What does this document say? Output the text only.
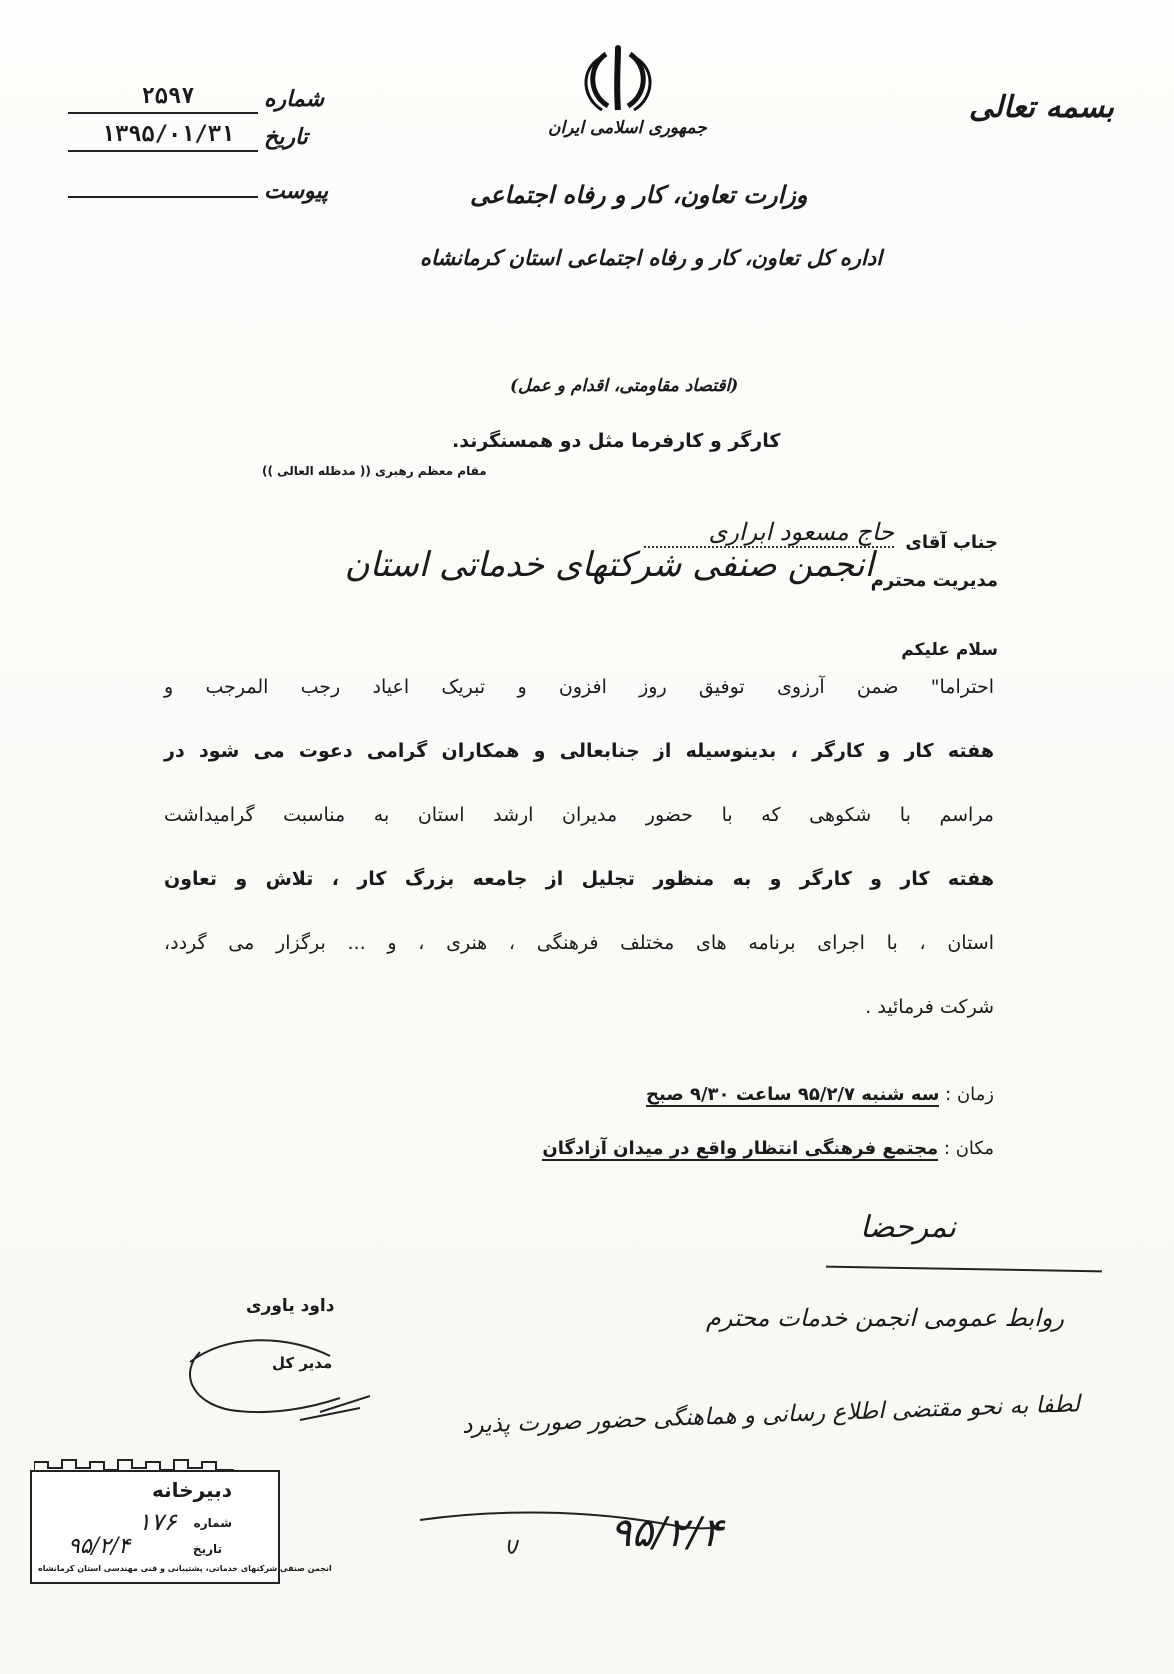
بسمه تعالی
جمهوری اسلامی ایران
وزارت تعاون، کار و رفاه اجتماعی
اداره کل تعاون، کار و رفاه اجتماعی استان کرمانشاه
۲۵۹۷	شماره
۱۳۹۵/۰۱/۳۱	تاریخ
پیوست
(اقتصاد مقاومتی، اقدام و عمل)
کارگر و کارفرما مثل دو همسنگرند.
مقام معظم رهبری (( مدظله العالی ))
جناب آقای
حاج مسعود ابراری
مدیریت محترم
انجمن صنفی شرکتهای خدماتی استان
سلام علیکم
احتراما" ضمن آرزوی توفیق روز افزون و تبریک اعیاد رجب المرجب و
هفته کار و کارگر ، بدینوسیله از جنابعالی و همکاران گرامی دعوت می شود در
مراسم با شکوهی که با حضور مدیران ارشد استان به مناسبت گرامیداشت
هفته کار و کارگر و به منظور تجلیل از جامعه بزرگ کار ، تلاش و تعاون
استان ، با اجرای برنامه های مختلف فرهنگی ، هنری ، و ... برگزار می گردد،
شرکت فرمائید .
زمان : سه شنبه ۹۵/۲/۷ ساعت ۹/۳۰ صبح
مکان : مجتمع فرهنگی انتظار واقع در میدان آزادگان
نمرحضا
روابط عمومی انجمن خدمات محترم
لطفا به نحو مقتضی اطلاع رسانی و هماهنگی حضور صورت پذیرد
۹۵/۲/۴
داود یاوری
مدیر کل
دبیرخانه
شماره
۱۷۶
تاریخ
۹۵/۲/۴
انجمن صنفی شرکتهای خدماتی، پشتیبانی و فنی مهندسی استان کرمانشاه
